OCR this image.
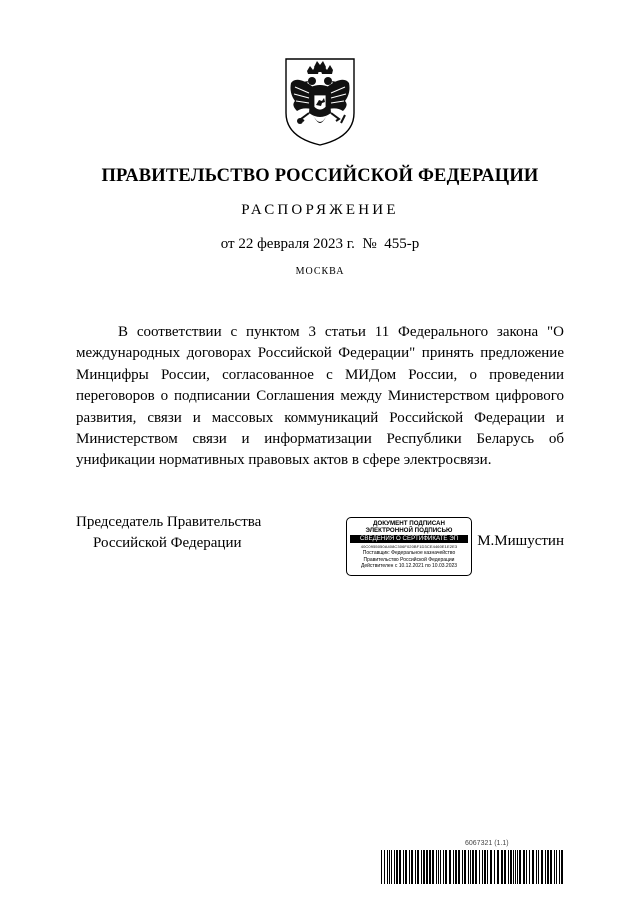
ПРАВИТЕЛЬСТВО РОССИЙСКОЙ ФЕДЕРАЦИИ
РАСПОРЯЖЕНИЕ
от 22 февраля 2023 г.  №  455-р
МОСКВА

В соответствии с пунктом 3 статьи 11 Федерального закона "О международных договорах Российской Федерации" принять предложение Минцифры России, согласованное с МИДом России, о проведении переговоров о подписании Соглашения между Министерством цифрового развития, связи и массовых коммуникаций Российской Федерации и Министерством связи и информатизации Республики Беларусь об унификации нормативных правовых актов в сфере электросвязи.

Председатель Правительства
Российской Федерации
ДОКУМЕНТ ПОДПИСАН
ЭЛЕКТРОННОЙ ПОДПИСЬЮ
СВЕДЕНИЯ О СЕРТИФИКАТЕ ЭП
40C0955050A408C306F020BF1D3CE4460E1E2E3
Поставщик: Федеральное казначейство
Правительство Российской Федерации
Действителен с 10.12.2021 по 10.03.2023
М.Мишустин
6067321 (1.1)
